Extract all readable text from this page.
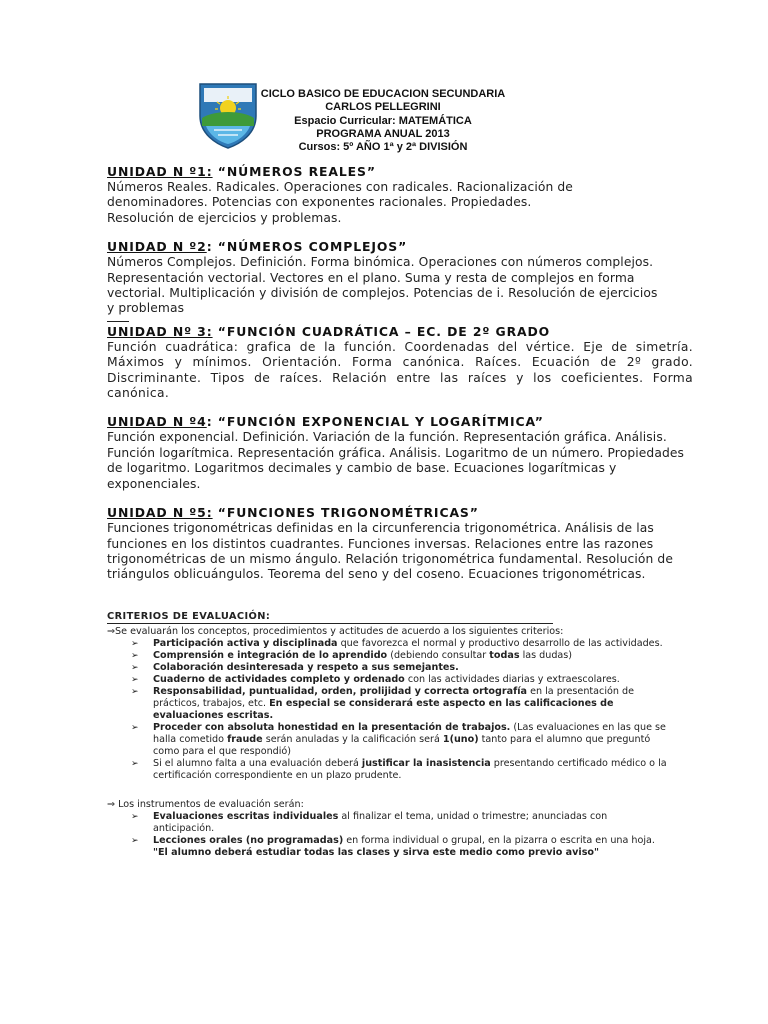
CICLO BASICO DE EDUCACION SECUNDARIA
CARLOS PELLEGRINI
Espacio Curricular: MATEMÁTICA
PROGRAMA ANUAL 2013
Cursos: 5º AÑO 1ª y 2ª DIVISIÓN
UNIDAD N º1: “NÚMEROS REALES”
Números Reales. Radicales. Operaciones con radicales. Racionalización de
denominadores. Potencias con exponentes racionales. Propiedades.
Resolución de ejercicios y problemas.
UNIDAD N º2: “NÚMEROS COMPLEJOS”
Números Complejos. Definición. Forma binómica. Operaciones con números complejos.
Representación vectorial. Vectores en el plano. Suma y resta de complejos en forma
vectorial. Multiplicación y división de complejos. Potencias de i. Resolución de ejercicios
y problemas
UNIDAD Nº 3: “FUNCIÓN CUADRÁTICA – EC. DE 2º GRADO
Función cuadrática: grafica de la función. Coordenadas del vértice. Eje de simetría. Máximos y mínimos. Orientación. Forma canónica. Raíces. Ecuación de 2º grado. Discriminante. Tipos de raíces. Relación entre las raíces y los coeficientes. Forma canónica.
UNIDAD N º4: “FUNCIÓN EXPONENCIAL Y LOGARÍTMICA”
Función exponencial. Definición. Variación de la función. Representación gráfica. Análisis.
Función logarítmica. Representación gráfica. Análisis. Logaritmo de un número. Propiedades
de logaritmo. Logaritmos decimales y cambio de base. Ecuaciones logarítmicas y
exponenciales.
UNIDAD N º5: “FUNCIONES TRIGONOMÉTRICAS”
Funciones trigonométricas definidas en la circunferencia trigonométrica. Análisis de las
funciones en los distintos cuadrantes. Funciones inversas. Relaciones entre las razones
trigonométricas de un mismo ángulo. Relación trigonométrica fundamental. Resolución de
triángulos oblicuángulos. Teorema del seno y del coseno. Ecuaciones trigonométricas.
CRITERIOS DE EVALUACIÓN:
⇒Se evaluarán los conceptos, procedimientos y actitudes de acuerdo a los siguientes criterios:
➢ Participación activa y disciplinada que favorezca el normal y productivo desarrollo de las actividades.
➢ Comprensión e integración de lo aprendido (debiendo consultar todas las dudas)
➢ Colaboración desinteresada y respeto a sus semejantes.
➢ Cuaderno de actividades completo y ordenado con las actividades diarias y extraescolares.
➢ Responsabilidad, puntualidad, orden, prolijidad y correcta ortografía en la presentación de prácticos, trabajos, etc. En especial se considerará este aspecto en las calificaciones de evaluaciones escritas.
➢ Proceder con absoluta honestidad en la presentación de trabajos. (Las evaluaciones en las que se halla cometido fraude serán anuladas y la calificación será 1(uno) tanto para el alumno que preguntó como para el que respondió)
➢ Si el alumno falta a una evaluación deberá justificar la inasistencia presentando certificado médico o la certificación correspondiente en un plazo prudente.
⇒ Los instrumentos de evaluación serán:
➢ Evaluaciones escritas individuales al finalizar el tema, unidad o trimestre; anunciadas con anticipación.
➢ Lecciones orales (no programadas) en forma individual o grupal, en la pizarra o escrita en una hoja.
"El alumno deberá estudiar todas las clases y sirva este medio como previo aviso"
